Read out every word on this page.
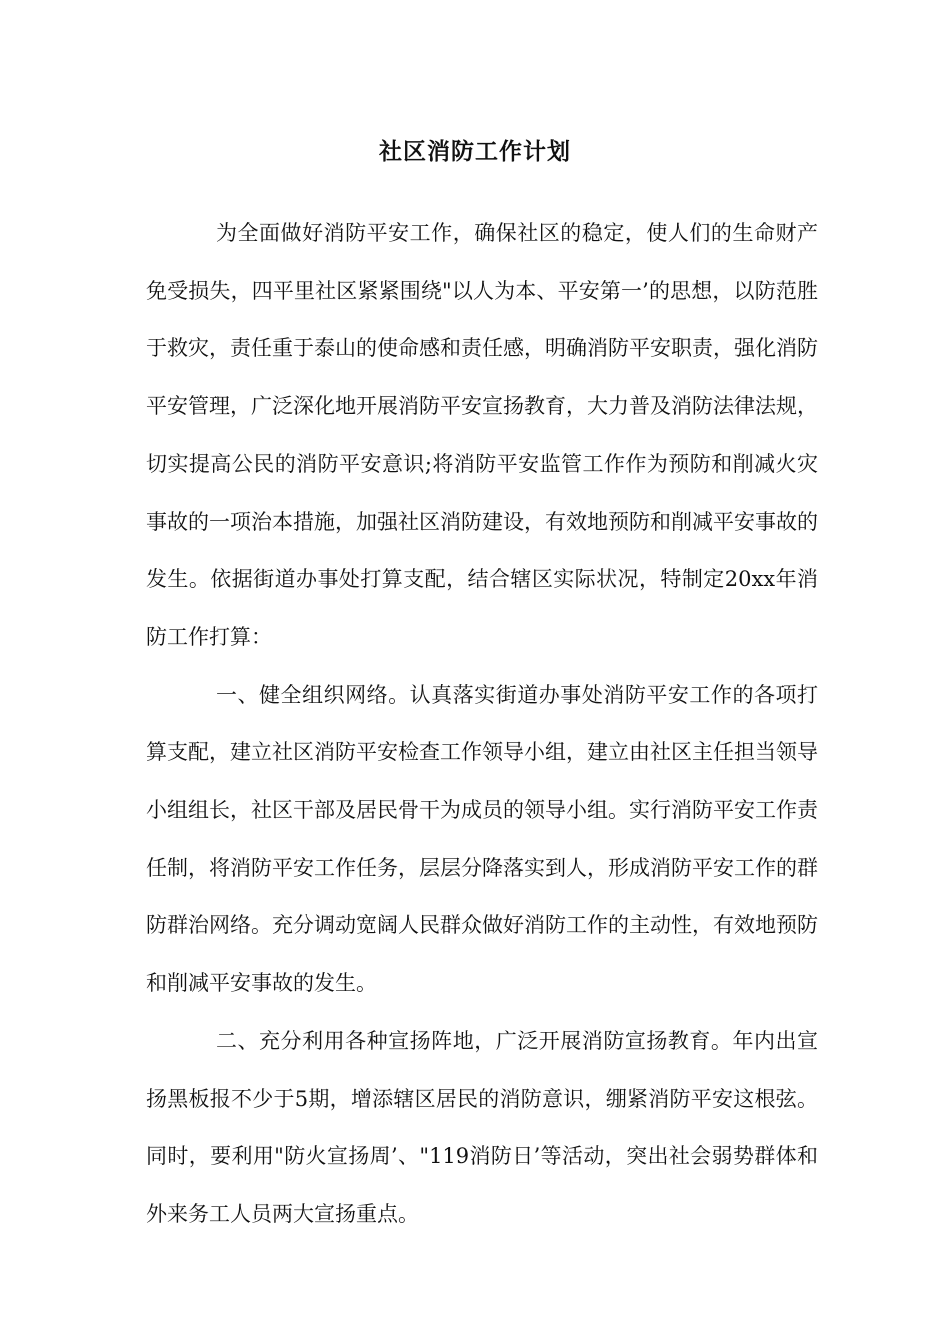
社区消防工作计划

为全面做好消防平安工作，确保社区的稳定，使人们的生命财产免受损失，四平里社区紧紧围绕"以人为本、平安第一’的思想，以防范胜于救灾，责任重于泰山的使命感和责任感，明确消防平安职责，强化消防平安管理，广泛深化地开展消防平安宣扬教育，大力普及消防法律法规，切实提高公民的消防平安意识;将消防平安监管工作作为预防和削减火灾事故的一项治本措施，加强社区消防建设，有效地预防和削减平安事故的发生。依据街道办事处打算支配，结合辖区实际状况，特制定20xx年消防工作打算：

一、健全组织网络。认真落实街道办事处消防平安工作的各项打算支配，建立社区消防平安检查工作领导小组，建立由社区主任担当领导小组组长，社区干部及居民骨干为成员的领导小组。实行消防平安工作责任制，将消防平安工作任务，层层分降落实到人，形成消防平安工作的群防群治网络。充分调动宽阔人民群众做好消防工作的主动性，有效地预防和削减平安事故的发生。

二、充分利用各种宣扬阵地，广泛开展消防宣扬教育。年内出宣扬黑板报不少于5期，增添辖区居民的消防意识，绷紧消防平安这根弦。同时，要利用"防火宣扬周’、"119消防日’等活动，突出社会弱势群体和外来务工人员两大宣扬重点。
